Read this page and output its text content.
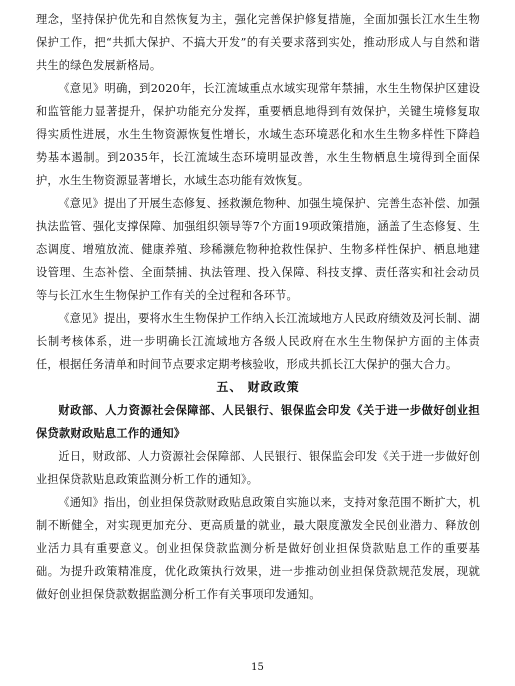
理念，坚持保护优先和自然恢复为主，强化完善保护修复措施，全面加强长江水生生物保护工作，把“共抓大保护、不搞大开发”的有关要求落到实处，推动形成人与自然和谐共生的绿色发展新格局。

《意见》明确，到2020年，长江流域重点水域实现常年禁捕，水生生物保护区建设和监管能力显著提升，保护功能充分发挥，重要栖息地得到有效保护，关键生境修复取得实质性进展，水生生物资源恢复性增长，水域生态环境恶化和水生生物多样性下降趋势基本遏制。到2035年，长江流域生态环境明显改善，水生生物栖息生境得到全面保护，水生生物资源显著增长，水域生态功能有效恢复。

《意见》提出了开展生态修复、拯救濒危物种、加强生境保护、完善生态补偿、加强执法监管、强化支撑保障、加强组织领导等7个方面19项政策措施，涵盖了生态修复、生态调度、增殖放流、健康养殖、珍稀濒危物种抢救性保护、生物多样性保护、栖息地建设管理、生态补偿、全面禁捕、执法管理、投入保障、科技支撑、责任落实和社会动员等与长江水生生物保护工作有关的全过程和各环节。

《意见》提出，要将水生生物保护工作纳入长江流域地方人民政府绩效及河长制、湖长制考核体系，进一步明确长江流域地方各级人民政府在水生生物保护方面的主体责任，根据任务清单和时间节点要求定期考核验收，形成共抓长江大保护的强大合力。

五、 财政政策

财政部、人力资源社会保障部、人民银行、银保监会印发《关于进一步做好创业担保贷款财政贴息工作的通知》

近日，财政部、人力资源社会保障部、人民银行、银保监会印发《关于进一步做好创业担保贷款贴息政策监测分析工作的通知》。

《通知》指出，创业担保贷款财政贴息政策自实施以来，支持对象范围不断扩大，机制不断健全，对实现更加充分、更高质量的就业，最大限度激发全民创业潜力、释放创业活力具有重要意义。创业担保贷款监测分析是做好创业担保贷款贴息工作的重要基础。为提升政策精准度，优化政策执行效果，进一步推动创业担保贷款规范发展，现就做好创业担保贷款数据监测分析工作有关事项印发通知。

15
